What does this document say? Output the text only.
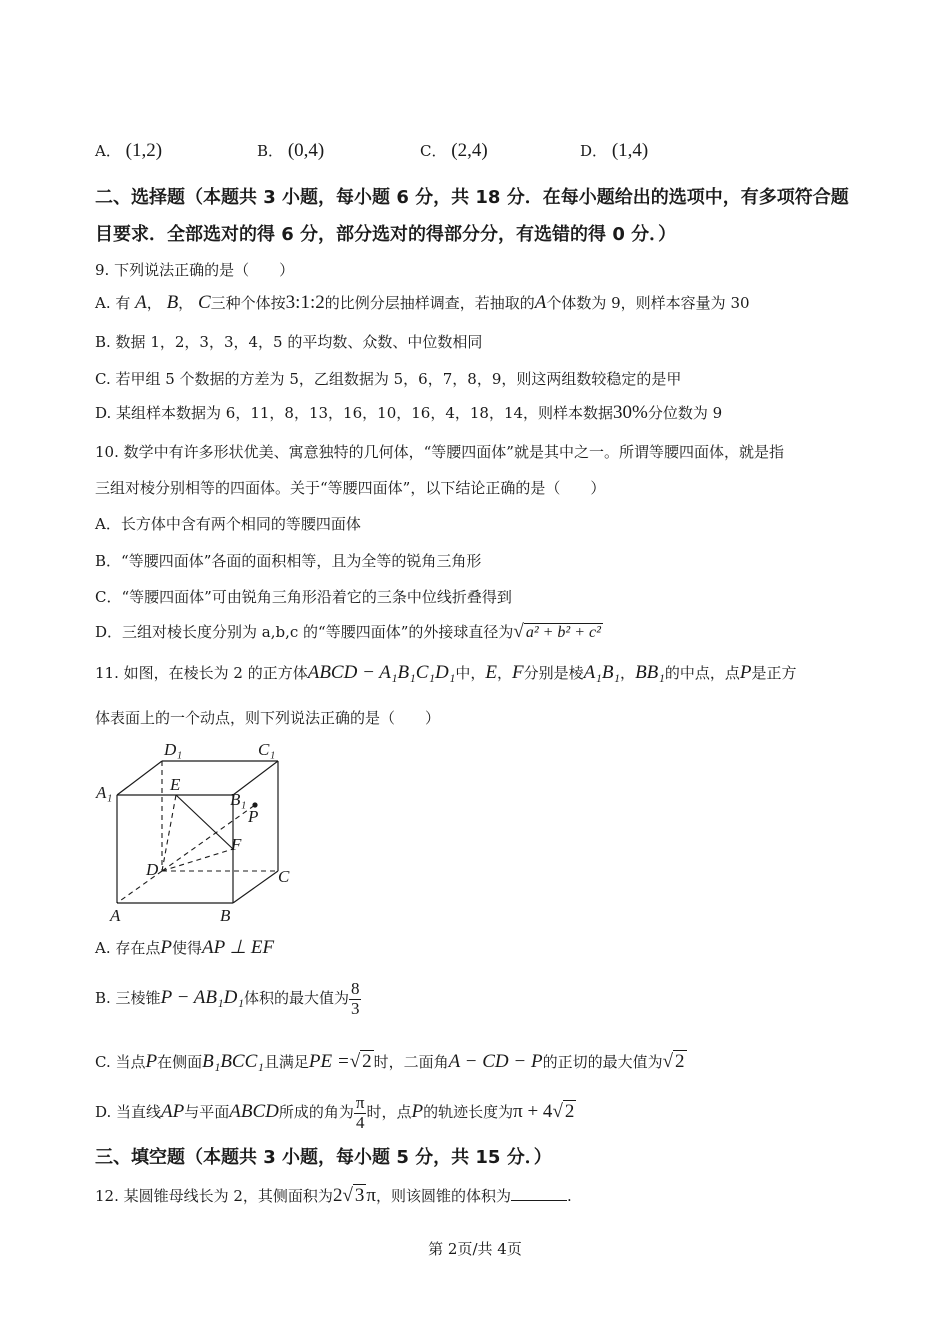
A． (1,2)	B． (0,4)	C． (2,4)	D． (1,4)
二、选择题（本题共 3 小题，每小题 6 分，共 18 分．在每小题给出的选项中，有多项符合题
目要求．全部选对的得 6 分，部分选对的得部分分，有选错的得 0 分．）
9. 下列说法正确的是（　　）
A. 有 A， B， C三种个体按3:1:2的比例分层抽样调查，若抽取的A个体数为 9，则样本容量为 30
B. 数据 1，2，3，3，4，5 的平均数、众数、中位数相同
C. 若甲组 5 个数据的方差为 5，乙组数据为 5，6，7，8，9，则这两组数较稳定的是甲
D. 某组样本数据为 6，11，8，13，16，10，16，4，18，14，则样本数据30%分位数为 9
10. 数学中有许多形状优美、寓意独特的几何体，“等腰四面体”就是其中之一。所谓等腰四面体，就是指
三组对棱分别相等的四面体。关于“等腰四面体”，以下结论正确的是（　　）
A．长方体中含有两个相同的等腰四面体
B．“等腰四面体”各面的面积相等，且为全等的锐角三角形
C．“等腰四面体”可由锐角三角形沿着它的三条中位线折叠得到
D．三组对棱长度分别为 a,b,c 的“等腰四面体”的外接球直径为√ a² + b² + c²
11. 如图，在棱长为 2 的正方体ABCD − A₁B₁C₁D₁中，E，F分别是棱A₁B₁，BB₁的中点，点P是正方
体表面上的一个动点，则下列说法正确的是（　　）
D₁	C₁
A₁	E
B₁
P
F
D	C
A	B
A. 存在点P使得AP ⊥ EF
B. 三棱锥P − AB₁D₁体积的最大值为 $\frac{8}{3}$
C. 当点P在侧面B₁BCC₁且满足PE =√ 2 时，二面角A − CD − P的正切的最大值为√ 2
D. 当直线AP与平面ABCD所成的角为 $\frac{\pi}{4}$ 时，点P的轨迹长度为π + 4√ 2
三、填空题（本题共 3 小题，每小题 5 分，共 15 分．）
12. 某圆锥母线长为 2，其侧面积为2√ 3 π，则该圆锥的体积为	.
第 2页/共 4页
